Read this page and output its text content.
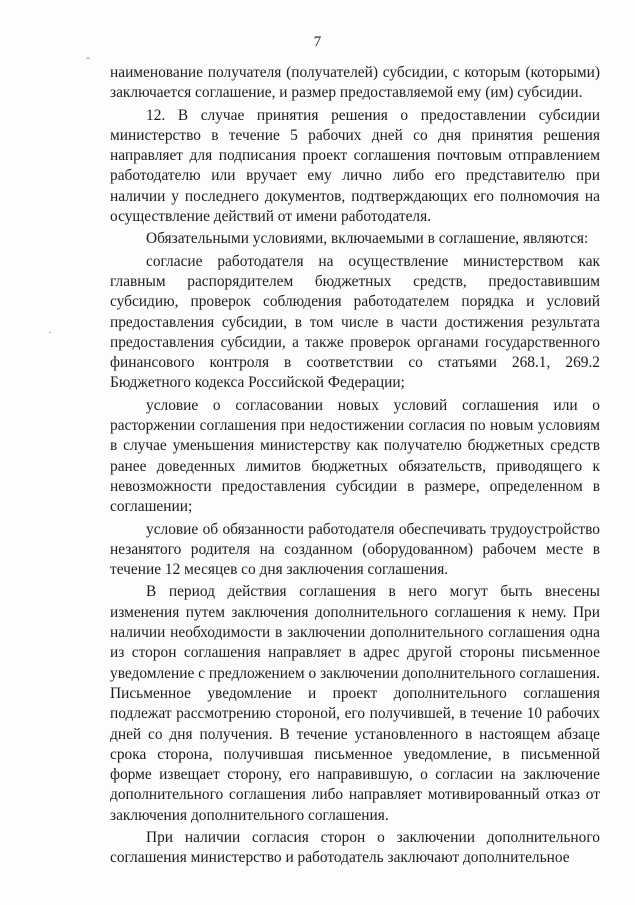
7
-
·

наименование получателя (получателей) субсидии, с которым (которыми) заключается соглашение, и размер предоставляемой ему (им) субсидии.

12. В случае принятия решения о предоставлении субсидии министерство в течение 5 рабочих дней со дня принятия решения направляет для подписания проект соглашения почтовым отправлением работодателю или вручает ему лично либо его представителю при наличии у последнего документов, подтверждающих его полномочия на осуществление действий от имени работодателя.

Обязательными условиями, включаемыми в соглашение, являются:

согласие работодателя на осуществление министерством как главным распорядителем бюджетных средств, предоставившим субсидию, проверок соблюдения работодателем порядка и условий предоставления субсидии, в том числе в части достижения результата предоставления субсидии, а также проверок органами государственного финансового контроля в соответствии со статьями 268.1, 269.2 Бюджетного кодекса Российской Федерации;

условие о согласовании новых условий соглашения или о расторжении соглашения при недостижении согласия по новым условиям в случае уменьшения министерству как получателю бюджетных средств ранее доведенных лимитов бюджетных обязательств, приводящего к невозможности предоставления субсидии в размере, определенном в соглашении;

условие об обязанности работодателя обеспечивать трудоустройство незанятого родителя на созданном (оборудованном) рабочем месте в течение 12 месяцев со дня заключения соглашения.

В период действия соглашения в него могут быть внесены изменения путем заключения дополнительного соглашения к нему. При наличии необходимости в заключении дополнительного соглашения одна из сторон соглашения направляет в адрес другой стороны письменное уведомление с предложением о заключении дополнительного соглашения. Письменное уведомление и проект дополнительного соглашения подлежат рассмотрению стороной, его получившей, в течение 10 рабочих дней со дня получения. В течение установленного в настоящем абзаце срока сторона, получившая письменное уведомление, в письменной форме извещает сторону, его направившую, о согласии на заключение дополнительного соглашения либо направляет мотивированный отказ от заключения дополнительного соглашения.

При наличии согласия сторон о заключении дополнительного соглашения министерство и работодатель заключают дополнительное
